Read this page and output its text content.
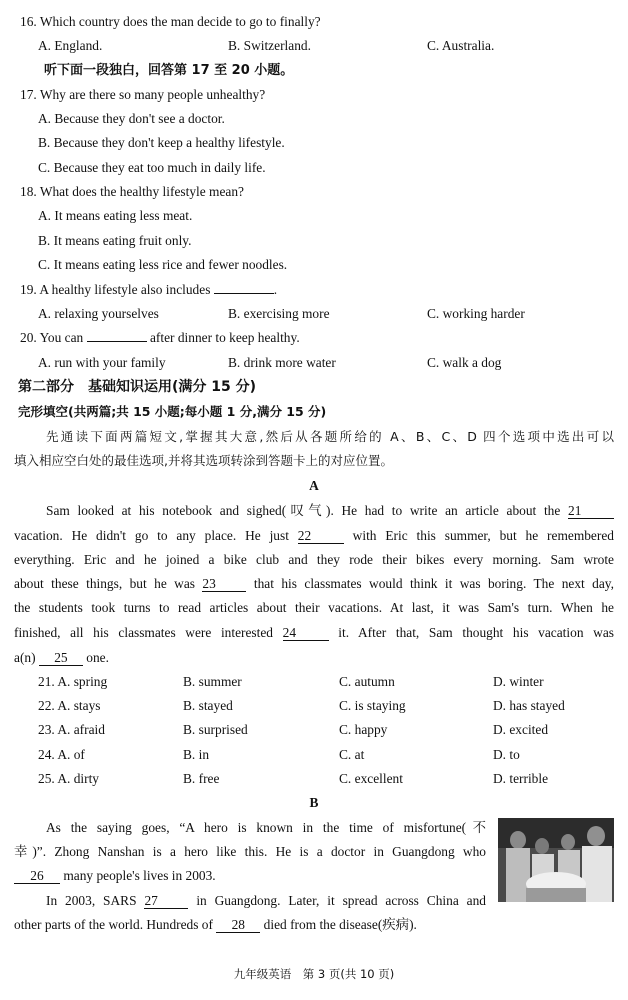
16. Which country does the man decide to go to finally?
A. England.	B. Switzerland.	C. Australia.
听下面一段独白，回答第 17 至 20 小题。
17. Why are there so many people unhealthy?
A. Because they don't see a doctor.
B. Because they don't keep a healthy lifestyle.
C. Because they eat too much in daily life.
18. What does the healthy lifestyle mean?
A. It means eating less meat.
B. It means eating fruit only.
C. It means eating less rice and fewer noodles.
19. A healthy lifestyle also includes	.
A. relaxing yourselves	B. exercising more	C. working harder
20. You can	after dinner to keep healthy.
A. run with your family	B. drink more water	C. walk a dog
第二部分　基础知识运用(满分 15 分)
完形填空(共两篇;共 15 小题;每小题 1 分,满分 15 分)
先通读下面两篇短文,掌握其大意,然后从各题所给的 A、B、C、D 四个选项中选出可以
填入相应空白处的最佳选项,并将其选项转涂到答题卡上的对应位置。
A
Sam looked at his notebook and sighed(叹气). He had to write an article about the 21
vacation. He didn't go to any place. He just 22	with Eric this summer, but he remembered
everything. Eric and he joined a bike club and they rode their bikes every morning. Sam wrote
about these things, but he was 23	that his classmates would think it was boring. The next day,
the students took turns to read articles about their vacations. At last, it was Sam's turn. When he
finished, all his classmates were interested 24	it. After that, Sam thought his vacation was
a(n) 25 one.
21. A. spring	B. summer	C. autumn	D. winter
22. A. stays	B. stayed	C. is staying	D. has stayed
23. A. afraid	B. surprised	C. happy	D. excited
24. A. of	B. in	C. at	D. to
25. A. dirty	B. free	C. excellent	D. terrible
B
As the saying goes, “A hero is known in the time of misfortune(不
幸)”. Zhong Nanshan is a hero like this. He is a doctor in Guangdong who
26 many people's lives in 2003.
In 2003, SARS 27	in Guangdong. Later, it spread across China and
other parts of the world. Hundreds of 28 died from the disease(疾病).
九年级英语　第 3 页(共 10 页)
